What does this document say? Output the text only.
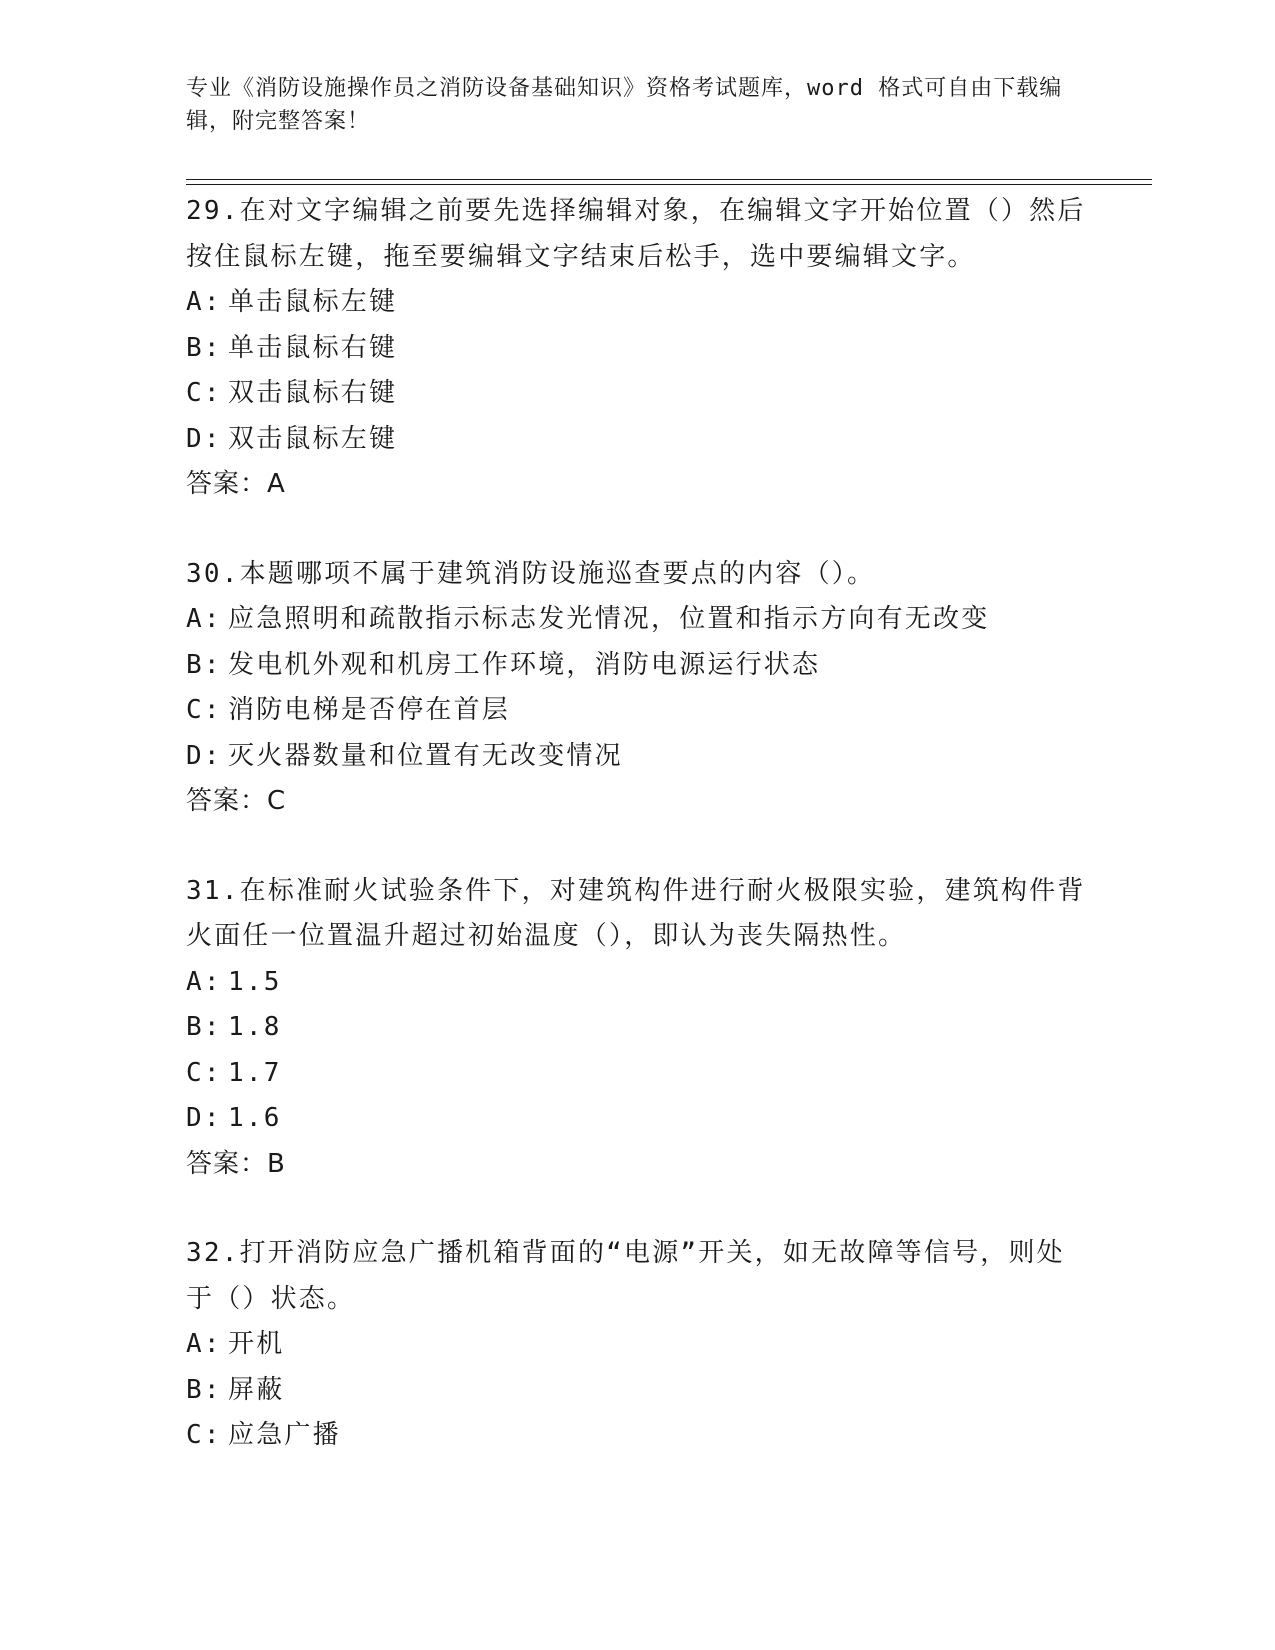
专业《消防设施操作员之消防设备基础知识》资格考试题库，word 格式可自由下载编辑，附完整答案！

29.在对文字编辑之前要先选择编辑对象，在编辑文字开始位置（）然后按住鼠标左键，拖至要编辑文字结束后松手，选中要编辑文字。

A: 单击鼠标左键

B: 单击鼠标右键

C: 双击鼠标右键

D: 双击鼠标左键

答案：A

30.本题哪项不属于建筑消防设施巡查要点的内容（）。

A: 应急照明和疏散指示标志发光情况，位置和指示方向有无改变

B: 发电机外观和机房工作环境，消防电源运行状态

C: 消防电梯是否停在首层

D: 灭火器数量和位置有无改变情况

答案：C

31.在标准耐火试验条件下，对建筑构件进行耐火极限实验，建筑构件背火面任一位置温升超过初始温度（），即认为丧失隔热性。

A: 1.5

B: 1.8

C: 1.7

D: 1.6

答案：B

32.打开消防应急广播机箱背面的“电源”开关，如无故障等信号，则处于（）状态。

A: 开机

B: 屏蔽

C: 应急广播
